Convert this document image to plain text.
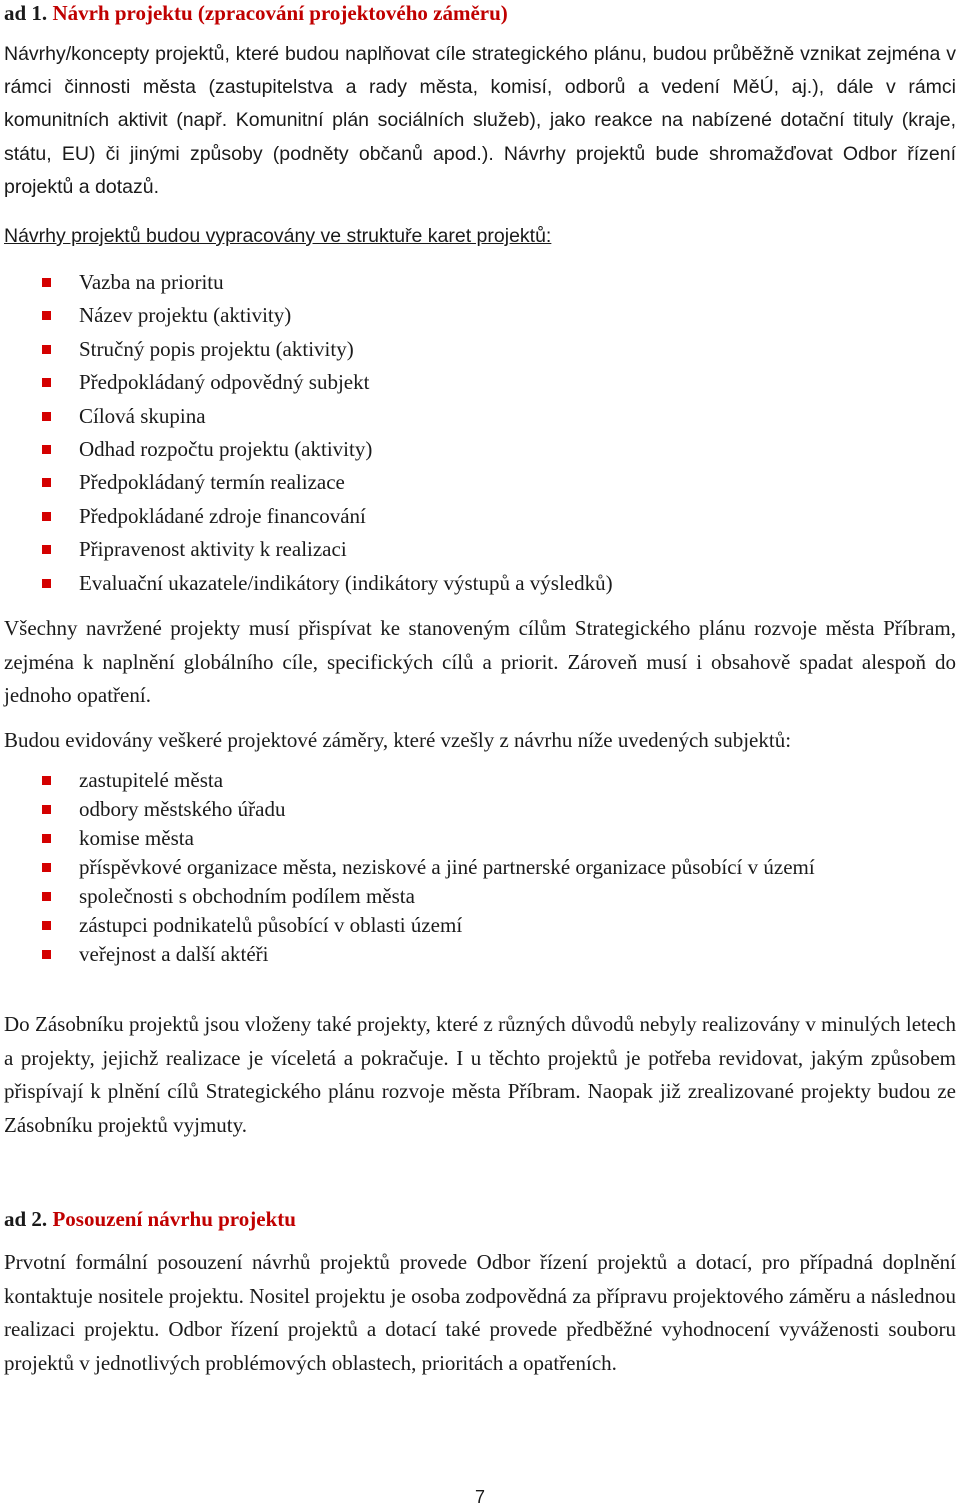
ad 1. Návrh projektu (zpracování projektového záměru)

Návrhy/koncepty projektů, které budou naplňovat cíle strategického plánu, budou průběžně vznikat zejména v rámci činnosti města (zastupitelstva a rady města, komisí, odborů a vedení MěÚ, aj.), dále v rámci komunitních aktivit (např. Komunitní plán sociálních služeb), jako reakce na nabízené dotační tituly (kraje, státu, EU) či jinými způsoby (podněty občanů apod.). Návrhy projektů bude shromažďovat Odbor řízení projektů a dotazů.

Návrhy projektů budou vypracovány ve struktuře karet projektů:

Vazba na prioritu
Název projektu (aktivity)
Stručný popis projektu (aktivity)
Předpokládaný odpovědný subjekt
Cílová skupina
Odhad rozpočtu projektu (aktivity)
Předpokládaný termín realizace
Předpokládané zdroje financování
Připravenost aktivity k realizaci
Evaluační ukazatele/indikátory (indikátory výstupů a výsledků)

Všechny navržené projekty musí přispívat ke stanoveným cílům Strategického plánu rozvoje města Příbram, zejména k naplnění globálního cíle, specifických cílů a priorit. Zároveň musí i obsahově spadat alespoň do jednoho opatření.

Budou evidovány veškeré projektové záměry, které vzešly z návrhu níže uvedených subjektů:

zastupitelé města
odbory městského úřadu
komise města
příspěvkové organizace města, neziskové a jiné partnerské organizace působící v území
společnosti s obchodním podílem města
zástupci podnikatelů působící v oblasti území
veřejnost a další aktéři

Do Zásobníku projektů jsou vloženy také projekty, které z různých důvodů nebyly realizovány v minulých letech a projekty, jejichž realizace je víceletá a pokračuje. I u těchto projektů je potřeba revidovat, jakým způsobem přispívají k plnění cílů Strategického plánu rozvoje města Příbram. Naopak již zrealizované projekty budou ze Zásobníku projektů vyjmuty.

ad 2. Posouzení návrhu projektu

Prvotní formální posouzení návrhů projektů provede Odbor řízení projektů a dotací, pro případná doplnění kontaktuje nositele projektu. Nositel projektu je osoba zodpovědná za přípravu projektového záměru a následnou realizaci projektu. Odbor řízení projektů a dotací také provede předběžné vyhodnocení vyváženosti souboru projektů v jednotlivých problémových oblastech, prioritách a opatřeních.

7
